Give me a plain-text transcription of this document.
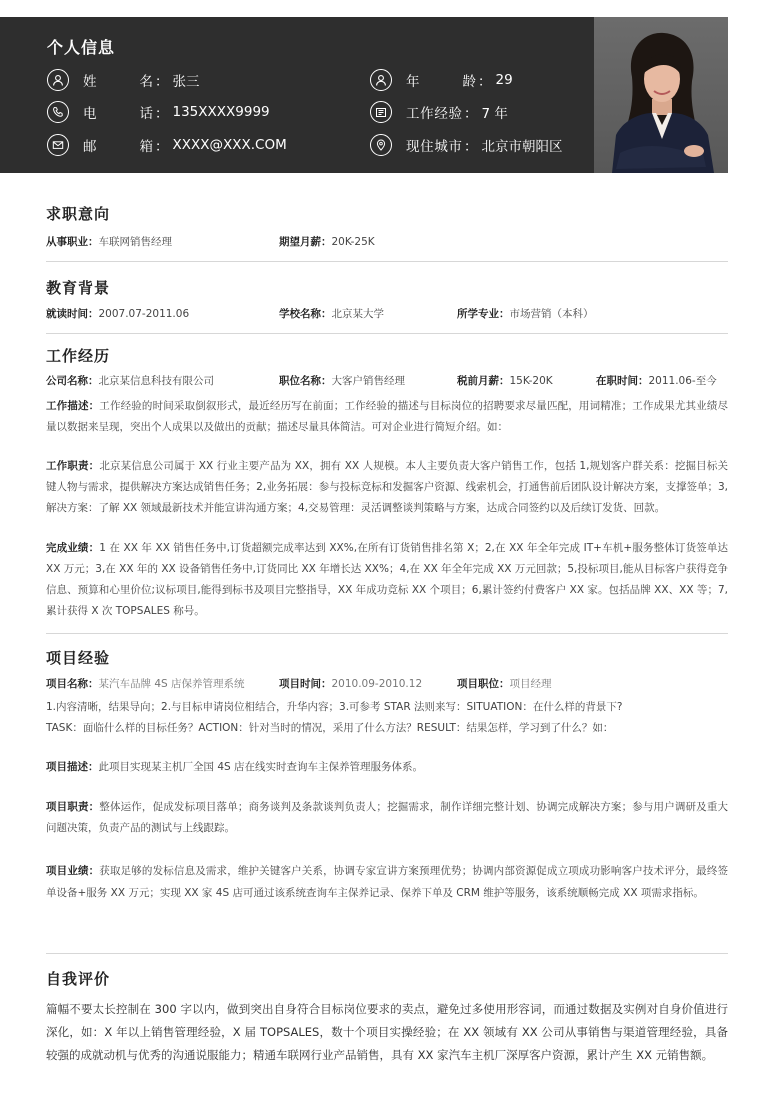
个人信息
姓名 ： 张三	年龄 ： 29
电话 ： 135XXXX9999	工作经验 ： 7 年
邮箱 ： XXXX@XXX.COM	现住城市 ： 北京市朝阳区
求职意向
从事职业：车联网销售经理	期望月薪：20K-25K
教育背景
就读时间：2007.07-2011.06	学校名称：北京某大学	所学专业：市场营销（本科）
工作经历
公司名称：北京某信息科技有限公司	职位名称：大客户销售经理	税前月薪：15K-20K	在职时间：2011.06-至今
工作描述：工作经验的时间采取倒叙形式，最近经历写在前面；工作经验的描述与目标岗位的招聘要求尽量匹配，用词精准；工作成果尤其业绩尽量以数据来呈现，突出个人成果以及做出的贡献；描述尽量具体简洁。可对企业进行简短介绍。如：
工作职责：北京某信息公司属于 XX 行业主要产品为 XX，拥有 XX 人规模。本人主要负责大客户销售工作，包括 1,规划客户群关系：挖掘目标关键人物与需求，提供解决方案达成销售任务；2,业务拓展：参与投标竞标和发掘客户资源、线索机会，打通售前后团队设计解决方案，支撑签单；3,解决方案：了解 XX 领域最新技术并能宣讲沟通方案；4,交易管理：灵活调整谈判策略与方案，达成合同签约以及后续订发货、回款。
完成业绩：1 在 XX 年 XX 销售任务中,订货超额完成率达到 XX%,在所有订货销售排名第 X；2,在 XX 年全年完成 IT+车机+服务整体订货签单达 XX 万元；3,在 XX 年的 XX 设备销售任务中,订货同比 XX 年增长达 XX%；4,在 XX 年全年完成 XX 万元回款；5,投标项目,能从目标客户获得竞争信息、预算和心里价位;议标项目,能得到标书及项目完整指导，XX 年成功竞标 XX 个项目；6,累计签约付费客户 XX 家。包括品牌 XX、XX 等；7,累计获得 X 次 TOPSALES 称号。
项目经验
项目名称：某汽车品牌 4S 店保养管理系统	项目时间：2010.09-2010.12	项目职位：项目经理
1.内容清晰，结果导向；2.与目标申请岗位相结合，升华内容；3.可参考 STAR 法则来写：SITUATION：在什么样的背景下?
TASK：面临什么样的目标任务？ACTION：针对当时的情况，采用了什么方法？RESULT：结果怎样，学习到了什么？如：
项目描述：此项目实现某主机厂全国 4S 店在线实时查询车主保养管理服务体系。
项目职责：整体运作，促成发标项目落单；商务谈判及条款谈判负责人；挖掘需求，制作详细完整计划、协调完成解决方案；参与用户调研及重大问题决策，负责产品的测试与上线跟踪。
项目业绩：获取足够的发标信息及需求，维护关键客户关系，协调专家宣讲方案预理优势；协调内部资源促成立项成功影响客户技术评分，最终签单设备+服务 XX 万元；实现 XX 家 4S 店可通过该系统查询车主保养记录、保养下单及 CRM 维护等服务，该系统顺畅完成 XX 项需求指标。
自我评价
篇幅不要太长控制在 300 字以内，做到突出自身符合目标岗位要求的卖点，避免过多使用形容词，而通过数据及实例对自身价值进行深化，如：X 年以上销售管理经验，X 届 TOPSALES，数十个项目实操经验；在 XX 领域有 XX 公司从事销售与渠道管理经验，具备较强的成就动机与优秀的沟通说服能力；精通车联网行业产品销售，具有 XX 家汽车主机厂深厚客户资源，累计产生 XX 元销售额。
